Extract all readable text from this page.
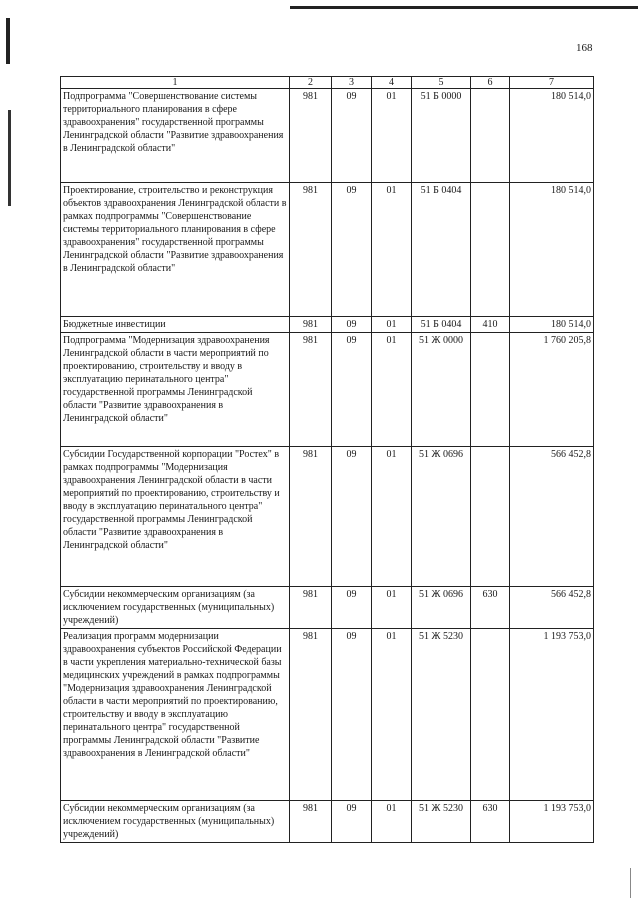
168
1	2	3	4	5	6	7
Подпрограмма "Совершенствование системы территориального планирования в сфере здравоохранения" государственной программы Ленинградской области "Развитие здравоохранения в Ленинградской области"	981	09	01	51 Б 0000		180 514,0
Проектирование, строительство и реконструкция объектов здравоохранения Ленинградской области в рамках подпрограммы "Совершенствование системы территориального планирования в сфере здравоохранения" государственной программы Ленинградской области "Развитие здравоохранения в Ленинградской области"	981	09	01	51 Б 0404		180 514,0
Бюджетные инвестиции	981	09	01	51 Б 0404	410	180 514,0
Подпрограмма "Модернизация здравоохранения Ленинградской области в части мероприятий по проектированию, строительству и вводу в эксплуатацию перинатального центра" государственной программы Ленинградской области "Развитие здравоохранения в Ленинградской области"	981	09	01	51 Ж 0000		1 760 205,8
Субсидии Государственной корпорации "Ростех" в рамках подпрограммы "Модернизация здравоохранения Ленинградской области в части мероприятий по проектированию, строительству и вводу в эксплуатацию перинатального центра" государственной программы Ленинградской области "Развитие здравоохранения в Ленинградской области"	981	09	01	51 Ж 0696		566 452,8
Субсидии некоммерческим организациям (за исключением государственных (муниципальных) учреждений)	981	09	01	51 Ж 0696	630	566 452,8
Реализация программ модернизации здравоохранения субъектов Российской Федерации в части укрепления материально-технической базы медицинских учреждений в рамках подпрограммы "Модернизация здравоохранения Ленинградской области в части мероприятий по проектированию, строительству и вводу в эксплуатацию перинатального центра" государственной программы Ленинградской области "Развитие здравоохранения в Ленинградской области"	981	09	01	51 Ж 5230		1 193 753,0
Субсидии некоммерческим организациям (за исключением государственных (муниципальных) учреждений)	981	09	01	51 Ж 5230	630	1 193 753,0
